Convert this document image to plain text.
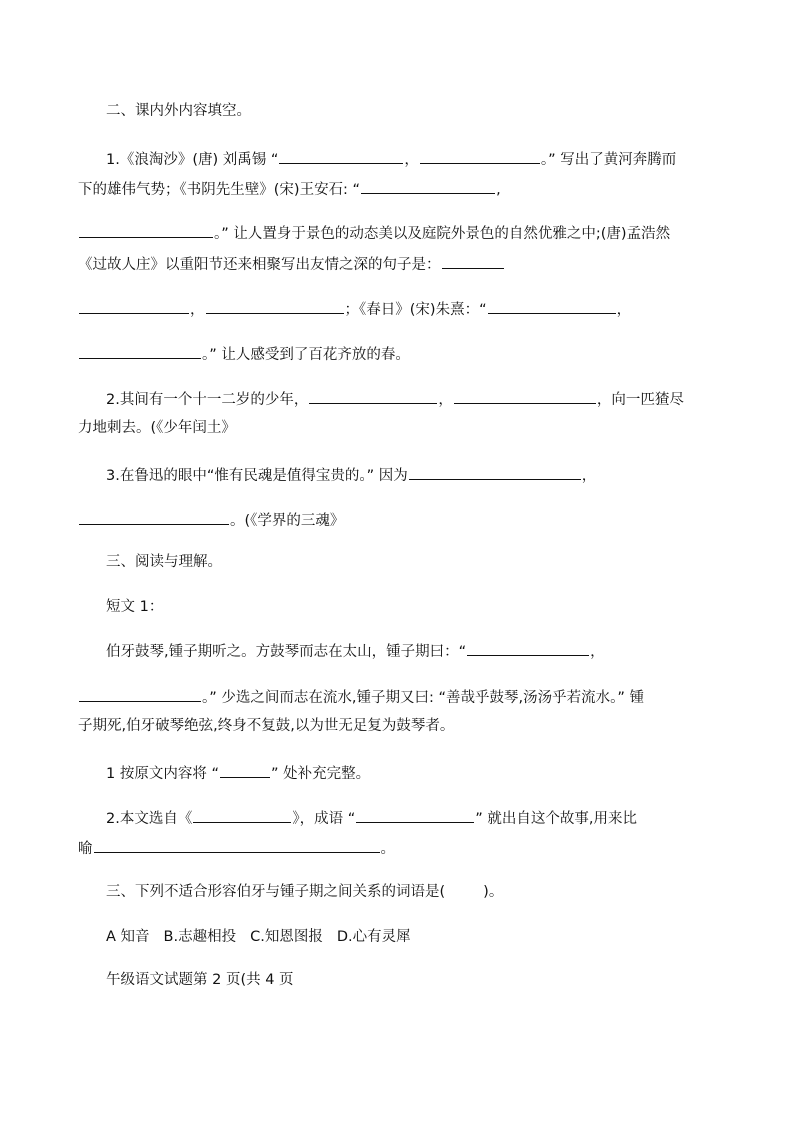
二、课内外内容填空。
1.《浪淘沙》(唐) 刘禹锡 “	，	。” 写出了黄河奔腾而
下的雄伟气势；《书阴先生壁》(宋)王安石: “	,
。” 让人置身于景色的动态美以及庭院外景色的自然优雅之中;(唐)孟浩然
《过故人庄》以重阳节还来相聚写出友情之深的句子是：
，	；《春日》(宋)朱熹：“	，
。” 让人感受到了百花齐放的春。
2.其间有一个十一二岁的少年，	，	，向一匹猹尽
力地刺去。(《少年闰土》
3.在鲁迅的眼中“惟有民魂是值得宝贵的。” 因为	，
。(《学界的三魂》
三、阅读与理解。
短文 1：
伯牙鼓琴,锺子期听之。方鼓琴而志在太山，锺子期曰：“	，
。” 少选之间而志在流水,锺子期又曰: “善哉乎鼓琴,汤汤乎若流水。” 锺
子期死,伯牙破琴绝弦,终身不复鼓,以为世无足复为鼓琴者。
1 按原文内容将 “	” 处补充完整。
2.本文选自《	》，成语 “	” 就出自这个故事,用来比
喻	。
三、下列不适合形容伯牙与锺子期之间关系的词语是(	)。
A 知音 B.志趣相投 C.知恩图报 D.心有灵犀
午级语文试题第 2 页(共 4 页
